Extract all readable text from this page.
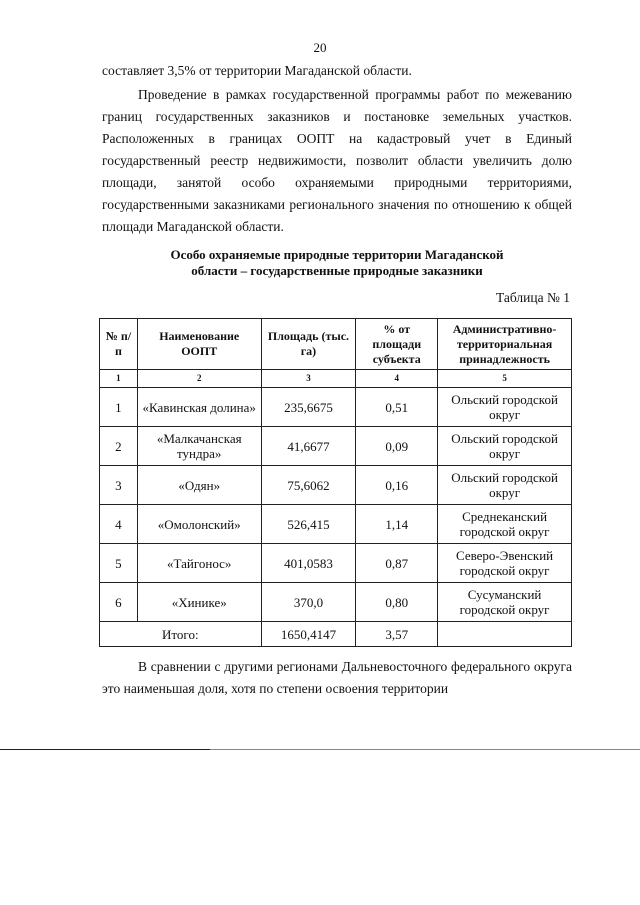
20
составляет 3,5% от территории Магаданской области.

Проведение в рамках государственной программы работ по межеванию границ государственных заказников и постановке земельных участков. Расположенных в границах ООПТ на кадастровый учет в Единый государственный реестр недвижимости, позволит области увеличить долю площади, занятой особо охраняемыми природными территориями, государственными заказниками регионального значения по отношению к общей площади Магаданской области.

Особо охраняемые природные территории Магаданской
области – государственные природные заказники
Таблица № 1
№ п/п	Наименование ООПТ	Площадь (тыс. га)	% от площади субъекта	Административно-территориальная принадлежность
1	2	3	4	5
1	«Кавинская долина»	235,6675	0,51	Ольский городской округ
2	«Малкачанская тундра»	41,6677	0,09	Ольский городской округ
3	«Одян»	75,6062	0,16	Ольский городской округ
4	«Омолонский»	526,415	1,14	Среднеканский городской округ
5	«Тайгонос»	401,0583	0,87	Северо-Эвенский городской округ
6	«Хинике»	370,0	0,80	Сусуманский городской округ
Итого:		1650,4147	3,57	

В сравнении с другими регионами Дальневосточного федерального округа это наименьшая доля, хотя по степени освоения территории
